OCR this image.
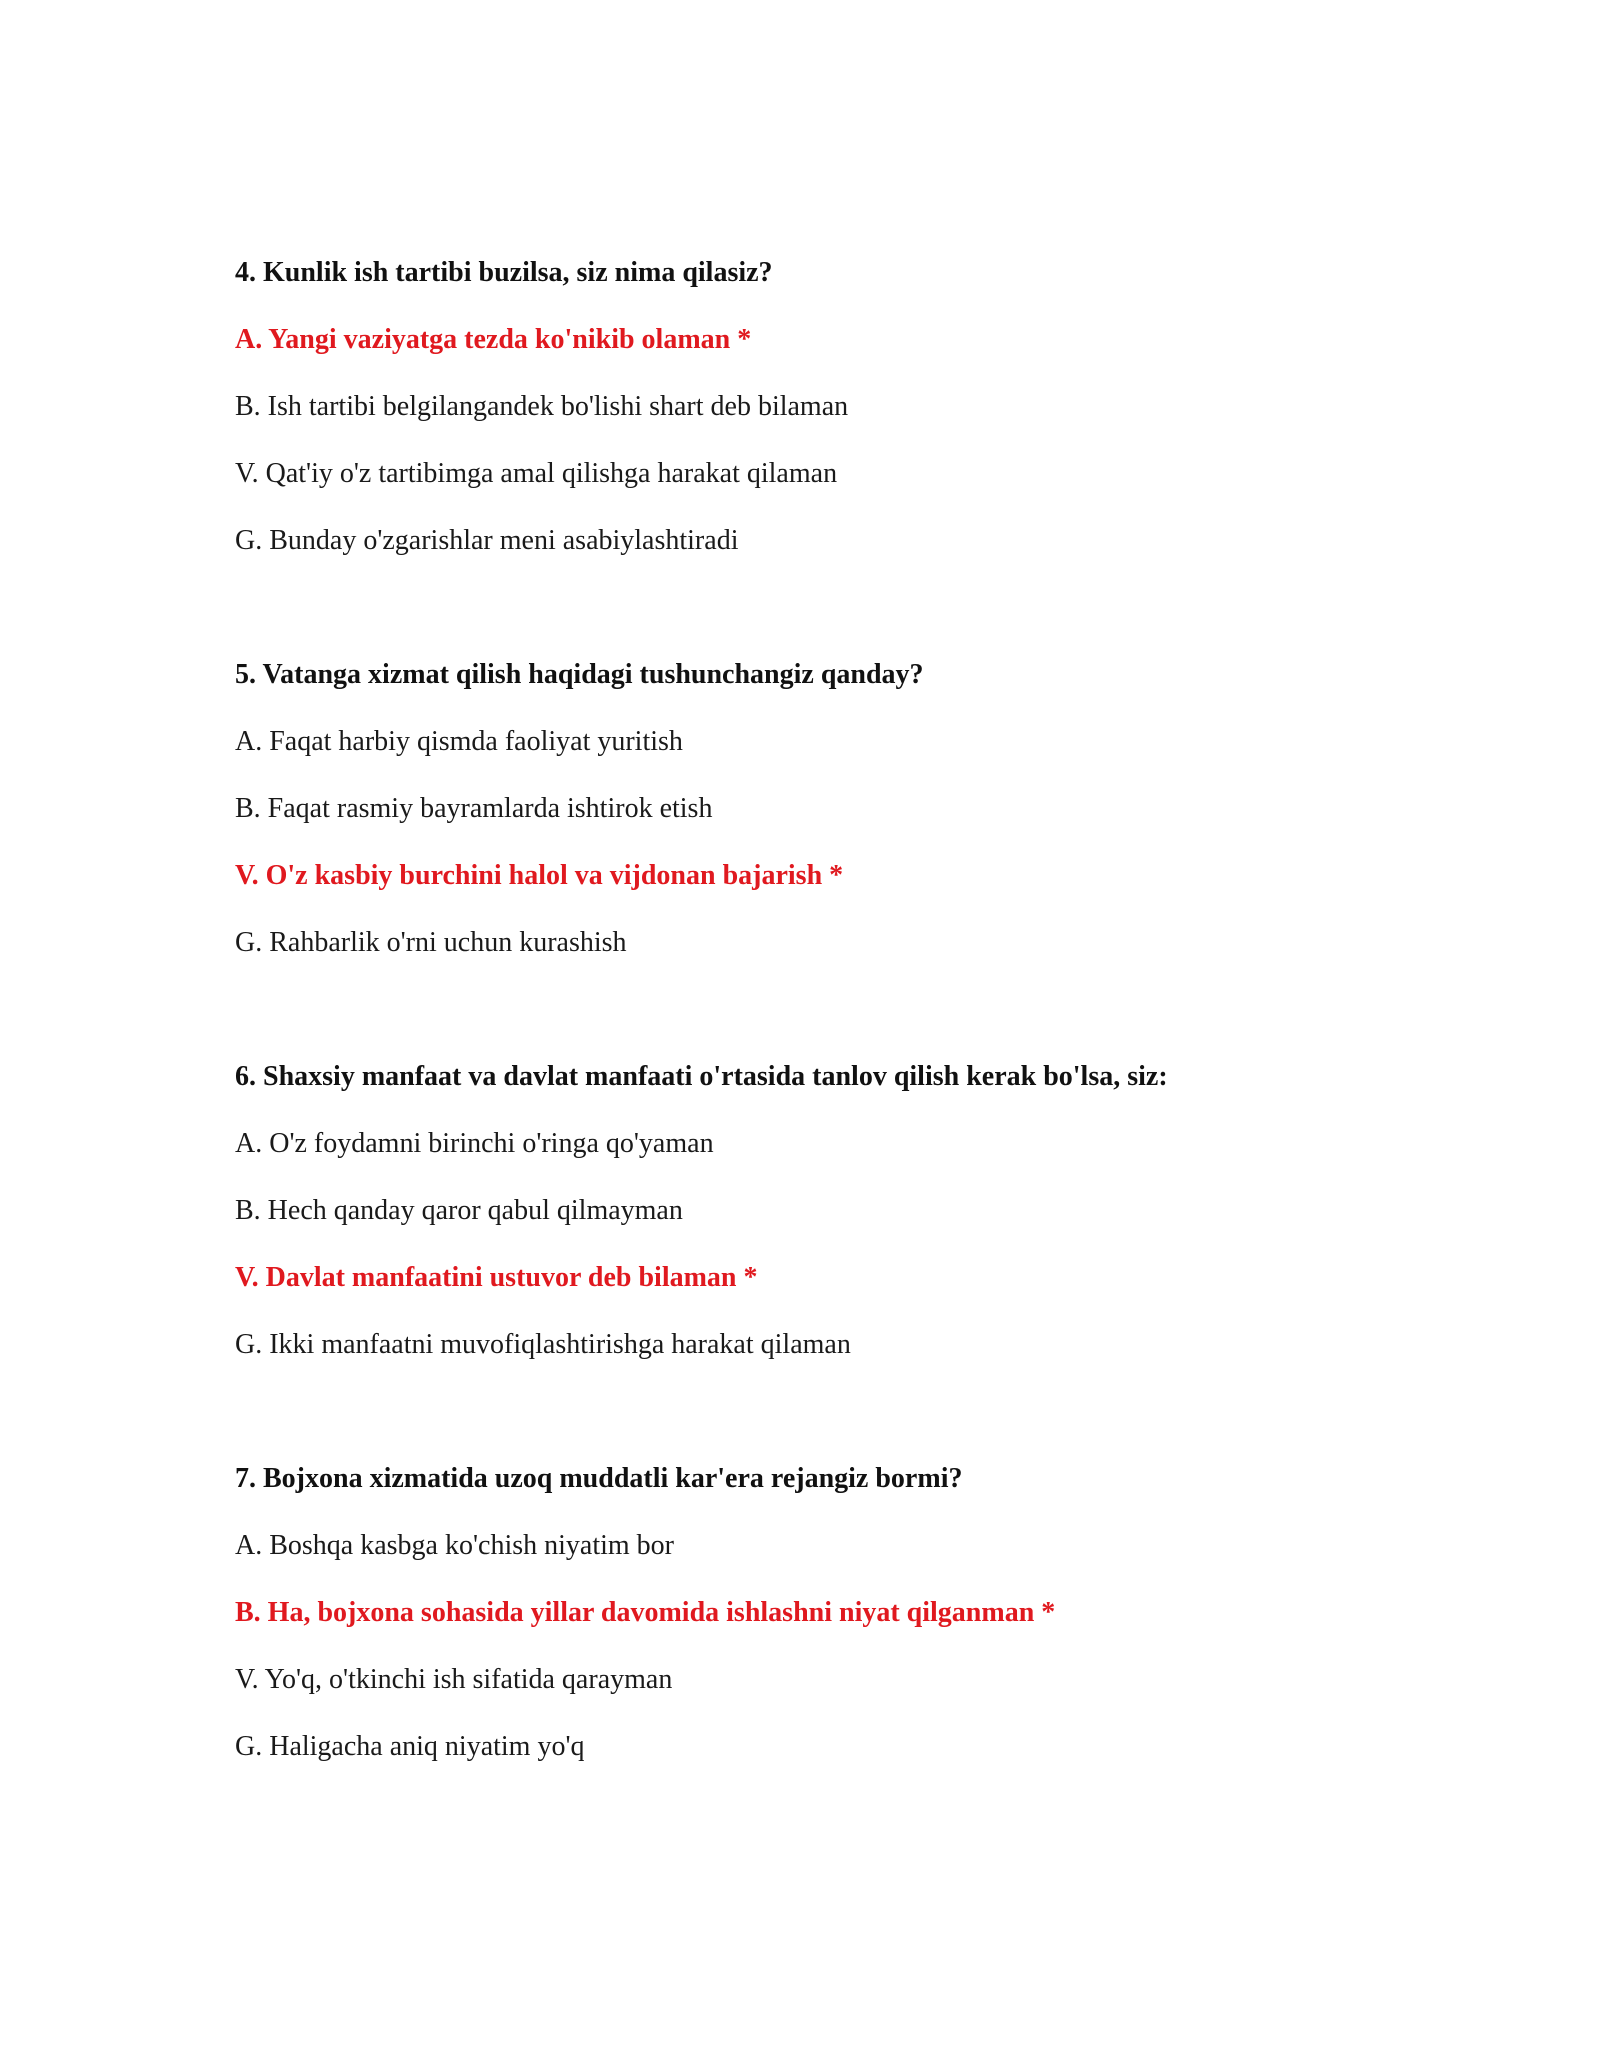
4. Kunlik ish tartibi buzilsa, siz nima qilasiz?

A. Yangi vaziyatga tezda ko'nikib olaman *

B. Ish tartibi belgilangandek bo'lishi shart deb bilaman

V. Qat'iy o'z tartibimga amal qilishga harakat qilaman

G. Bunday o'zgarishlar meni asabiylashtiradi

5. Vatanga xizmat qilish haqidagi tushunchangiz qanday?

A. Faqat harbiy qismda faoliyat yuritish

B. Faqat rasmiy bayramlarda ishtirok etish

V. O'z kasbiy burchini halol va vijdonan bajarish *

G. Rahbarlik o'rni uchun kurashish

6. Shaxsiy manfaat va davlat manfaati o'rtasida tanlov qilish kerak bo'lsa, siz:

A. O'z foydamni birinchi o'ringa qo'yaman

B. Hech qanday qaror qabul qilmayman

V. Davlat manfaatini ustuvor deb bilaman *

G. Ikki manfaatni muvofiqlashtirishga harakat qilaman

7. Bojxona xizmatida uzoq muddatli kar'era rejangiz bormi?

A. Boshqa kasbga ko'chish niyatim bor

B. Ha, bojxona sohasida yillar davomida ishlashni niyat qilganman *

V. Yo'q, o'tkinchi ish sifatida qarayman

G. Haligacha aniq niyatim yo'q
